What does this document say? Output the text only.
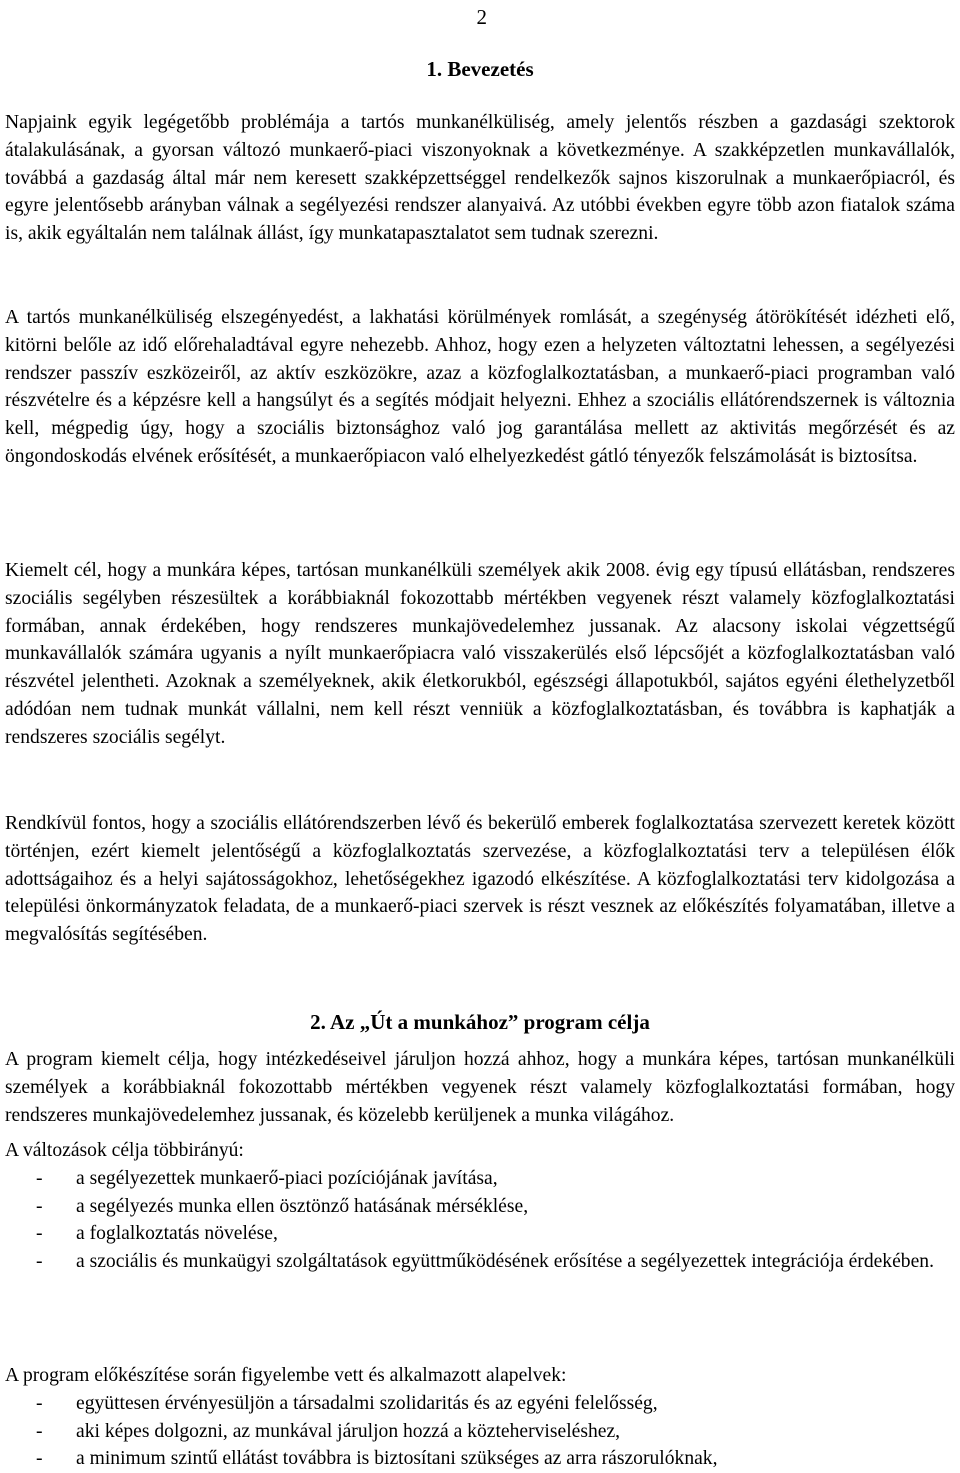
2
1. Bevezetés

Napjaink egyik legégetőbb problémája a tartós munkanélküliség, amely jelentős részben a gazdasági szektorok átalakulásának, a gyorsan változó munkaerő-piaci viszonyoknak a következménye. A szakképzetlen munkavállalók, továbbá a gazdaság által már nem keresett szakképzettséggel rendelkezők sajnos kiszorulnak a munkaerőpiacról, és egyre jelentősebb arányban válnak a segélyezési rendszer alanyaivá. Az utóbbi években egyre több azon fiatalok száma is, akik egyáltalán nem találnak állást, így munkatapasztalatot sem tudnak szerezni.

A tartós munkanélküliség elszegényedést, a lakhatási körülmények romlását, a szegénység átörökítését idézheti elő, kitörni belőle az idő előrehaladtával egyre nehezebb. Ahhoz, hogy ezen a helyzeten változtatni lehessen, a segélyezési rendszer passzív eszközeiről, az aktív eszközökre, azaz a közfoglalkoztatásban, a munkaerő-piaci programban való részvételre és a képzésre kell a hangsúlyt és a segítés módjait helyezni. Ehhez a szociális ellátórendszernek is változnia kell, mégpedig úgy, hogy a szociális biztonsághoz való jog garantálása mellett az aktivitás megőrzését és az öngondoskodás elvének erősítését, a munkaerőpiacon való elhelyezkedést gátló tényezők felszámolását is biztosítsa.

Kiemelt cél, hogy a munkára képes, tartósan munkanélküli személyek akik 2008. évig egy típusú ellátásban, rendszeres szociális segélyben részesültek a korábbiaknál fokozottabb mértékben vegyenek részt valamely közfoglalkoztatási formában, annak érdekében, hogy rendszeres munkajövedelemhez jussanak. Az alacsony iskolai végzettségű munkavállalók számára ugyanis a nyílt munkaerőpiacra való visszakerülés első lépcsőjét a közfoglalkoztatásban való részvétel jelentheti. Azoknak a személyeknek, akik életkorukból, egészségi állapotukból, sajátos egyéni élethelyzetből adódóan nem tudnak munkát vállalni, nem kell részt venniük a közfoglalkoztatásban, és továbbra is kaphatják a rendszeres szociális segélyt.

Rendkívül fontos, hogy a szociális ellátórendszerben lévő és bekerülő emberek foglalkoztatása szervezett keretek között történjen, ezért kiemelt jelentőségű a közfoglalkoztatás szervezése, a közfoglalkoztatási terv a településen élők adottságaihoz és a helyi sajátosságokhoz, lehetőségekhez igazodó elkészítése. A közfoglalkoztatási terv kidolgozása a települési önkormányzatok feladata, de a munkaerő-piaci szervek is részt vesznek az előkészítés folyamatában, illetve a megvalósítás segítésében.

2. Az „Út a munkához” program célja

A program kiemelt célja, hogy intézkedéseivel járuljon hozzá ahhoz, hogy a munkára képes, tartósan munkanélküli személyek a korábbiaknál fokozottabb mértékben vegyenek részt valamely közfoglalkoztatási formában, hogy rendszeres munkajövedelemhez jussanak, és közelebb kerüljenek a munka világához.

A változások célja többirányú:
- a segélyezettek munkaerő-piaci pozíciójának javítása,
- a segélyezés munka ellen ösztönző hatásának mérséklése,
- a foglalkoztatás növelése,
- a szociális és munkaügyi szolgáltatások együttműködésének erősítése a segélyezettek integrációja érdekében.
A program előkészítése során figyelembe vett és alkalmazott alapelvek:
- együttesen érvényesüljön a társadalmi szolidaritás és az egyéni felelősség,
- aki képes dolgozni, az munkával járuljon hozzá a közteherviseléshez,
- a minimum szintű ellátást továbbra is biztosítani szükséges az arra rászorulóknak,
